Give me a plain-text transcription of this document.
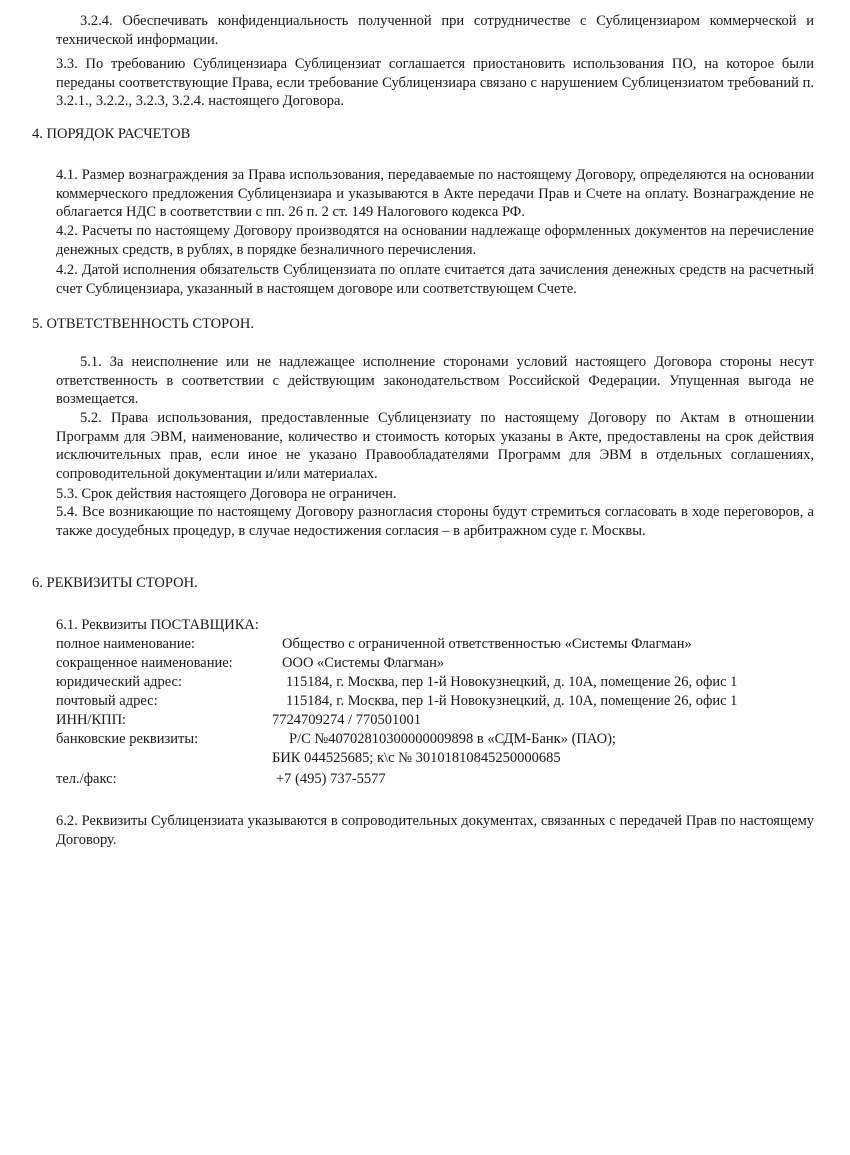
3.2.4. Обеспечивать конфиденциальность полученной при сотрудничестве с Сублицензиаром коммерческой и технической информации.

3.3. По требованию Сублицензиара Сублицензиат соглашается приостановить использования ПО, на которое были переданы соответствующие Права, если требование Сублицензиара связано с нарушением Сублицензиатом требований п. 3.2.1., 3.2.2., 3.2.3, 3.2.4. настоящего Договора.

4. ПОРЯДОК РАСЧЕТОВ

4.1. Размер вознаграждения за Права использования, передаваемые по настоящему Договору, определяются на основании коммерческого предложения Сублицензиара и указываются в Акте передачи Прав и Счете на оплату. Вознаграждение не облагается НДС в соответствии с пп. 26 п. 2 ст. 149 Налогового кодекса РФ.

4.2. Расчеты по настоящему Договору производятся на основании надлежаще оформленных документов на перечисление денежных средств, в рублях, в порядке безналичного перечисления.

4.2. Датой исполнения обязательств Сублицензиата по оплате считается дата зачисления денежных средств на расчетный счет Сублицензиара, указанный в настоящем договоре или соответствующем Счете.

5. ОТВЕТСТВЕННОСТЬ СТОРОН.

5.1. За неисполнение или не надлежащее исполнение сторонами условий настоящего Договора стороны несут ответственность в соответствии с действующим законодательством Российской Федерации. Упущенная выгода не возмещается.

5.2. Права использования, предоставленные Сублицензиату по настоящему Договору по Актам в отношении Программ для ЭВМ, наименование, количество и стоимость которых указаны в Акте, предоставлены на срок действия исключительных прав, если иное не указано Правообладателями Программ для ЭВМ в отдельных соглашениях, сопроводительной документации и/или материалах.

5.3. Срок действия настоящего Договора не ограничен.

5.4. Все возникающие по настоящему Договору разногласия стороны будут стремиться согласовать в ходе переговоров, а также досудебных процедур, в случае недостижения согласия – в арбитражном суде г. Москвы.

6. РЕКВИЗИТЫ СТОРОН.

6.1. Реквизиты ПОСТАВЩИКА:

полное наименование:	Общество с ограниченной ответственностью «Системы Флагман»
сокращенное наименование:	ООО «Системы Флагман»
юридический адрес:	115184, г. Москва, пер 1-й Новокузнецкий, д. 10А, помещение 26, офис 1
почтовый адрес:	115184, г. Москва, пер 1-й Новокузнецкий, д. 10А, помещение 26, офис 1
ИНН/КПП:	7724709274 / 770501001
банковские реквизиты:	Р/С №40702810300000009898 в «СДМ-Банк» (ПАО);
БИК 044525685; к\с № 30101810845250000685
тел./факс:	+7 (495) 737-5577

6.2. Реквизиты Сублицензиата указываются в сопроводительных документах, связанных с передачей Прав по настоящему Договору.
